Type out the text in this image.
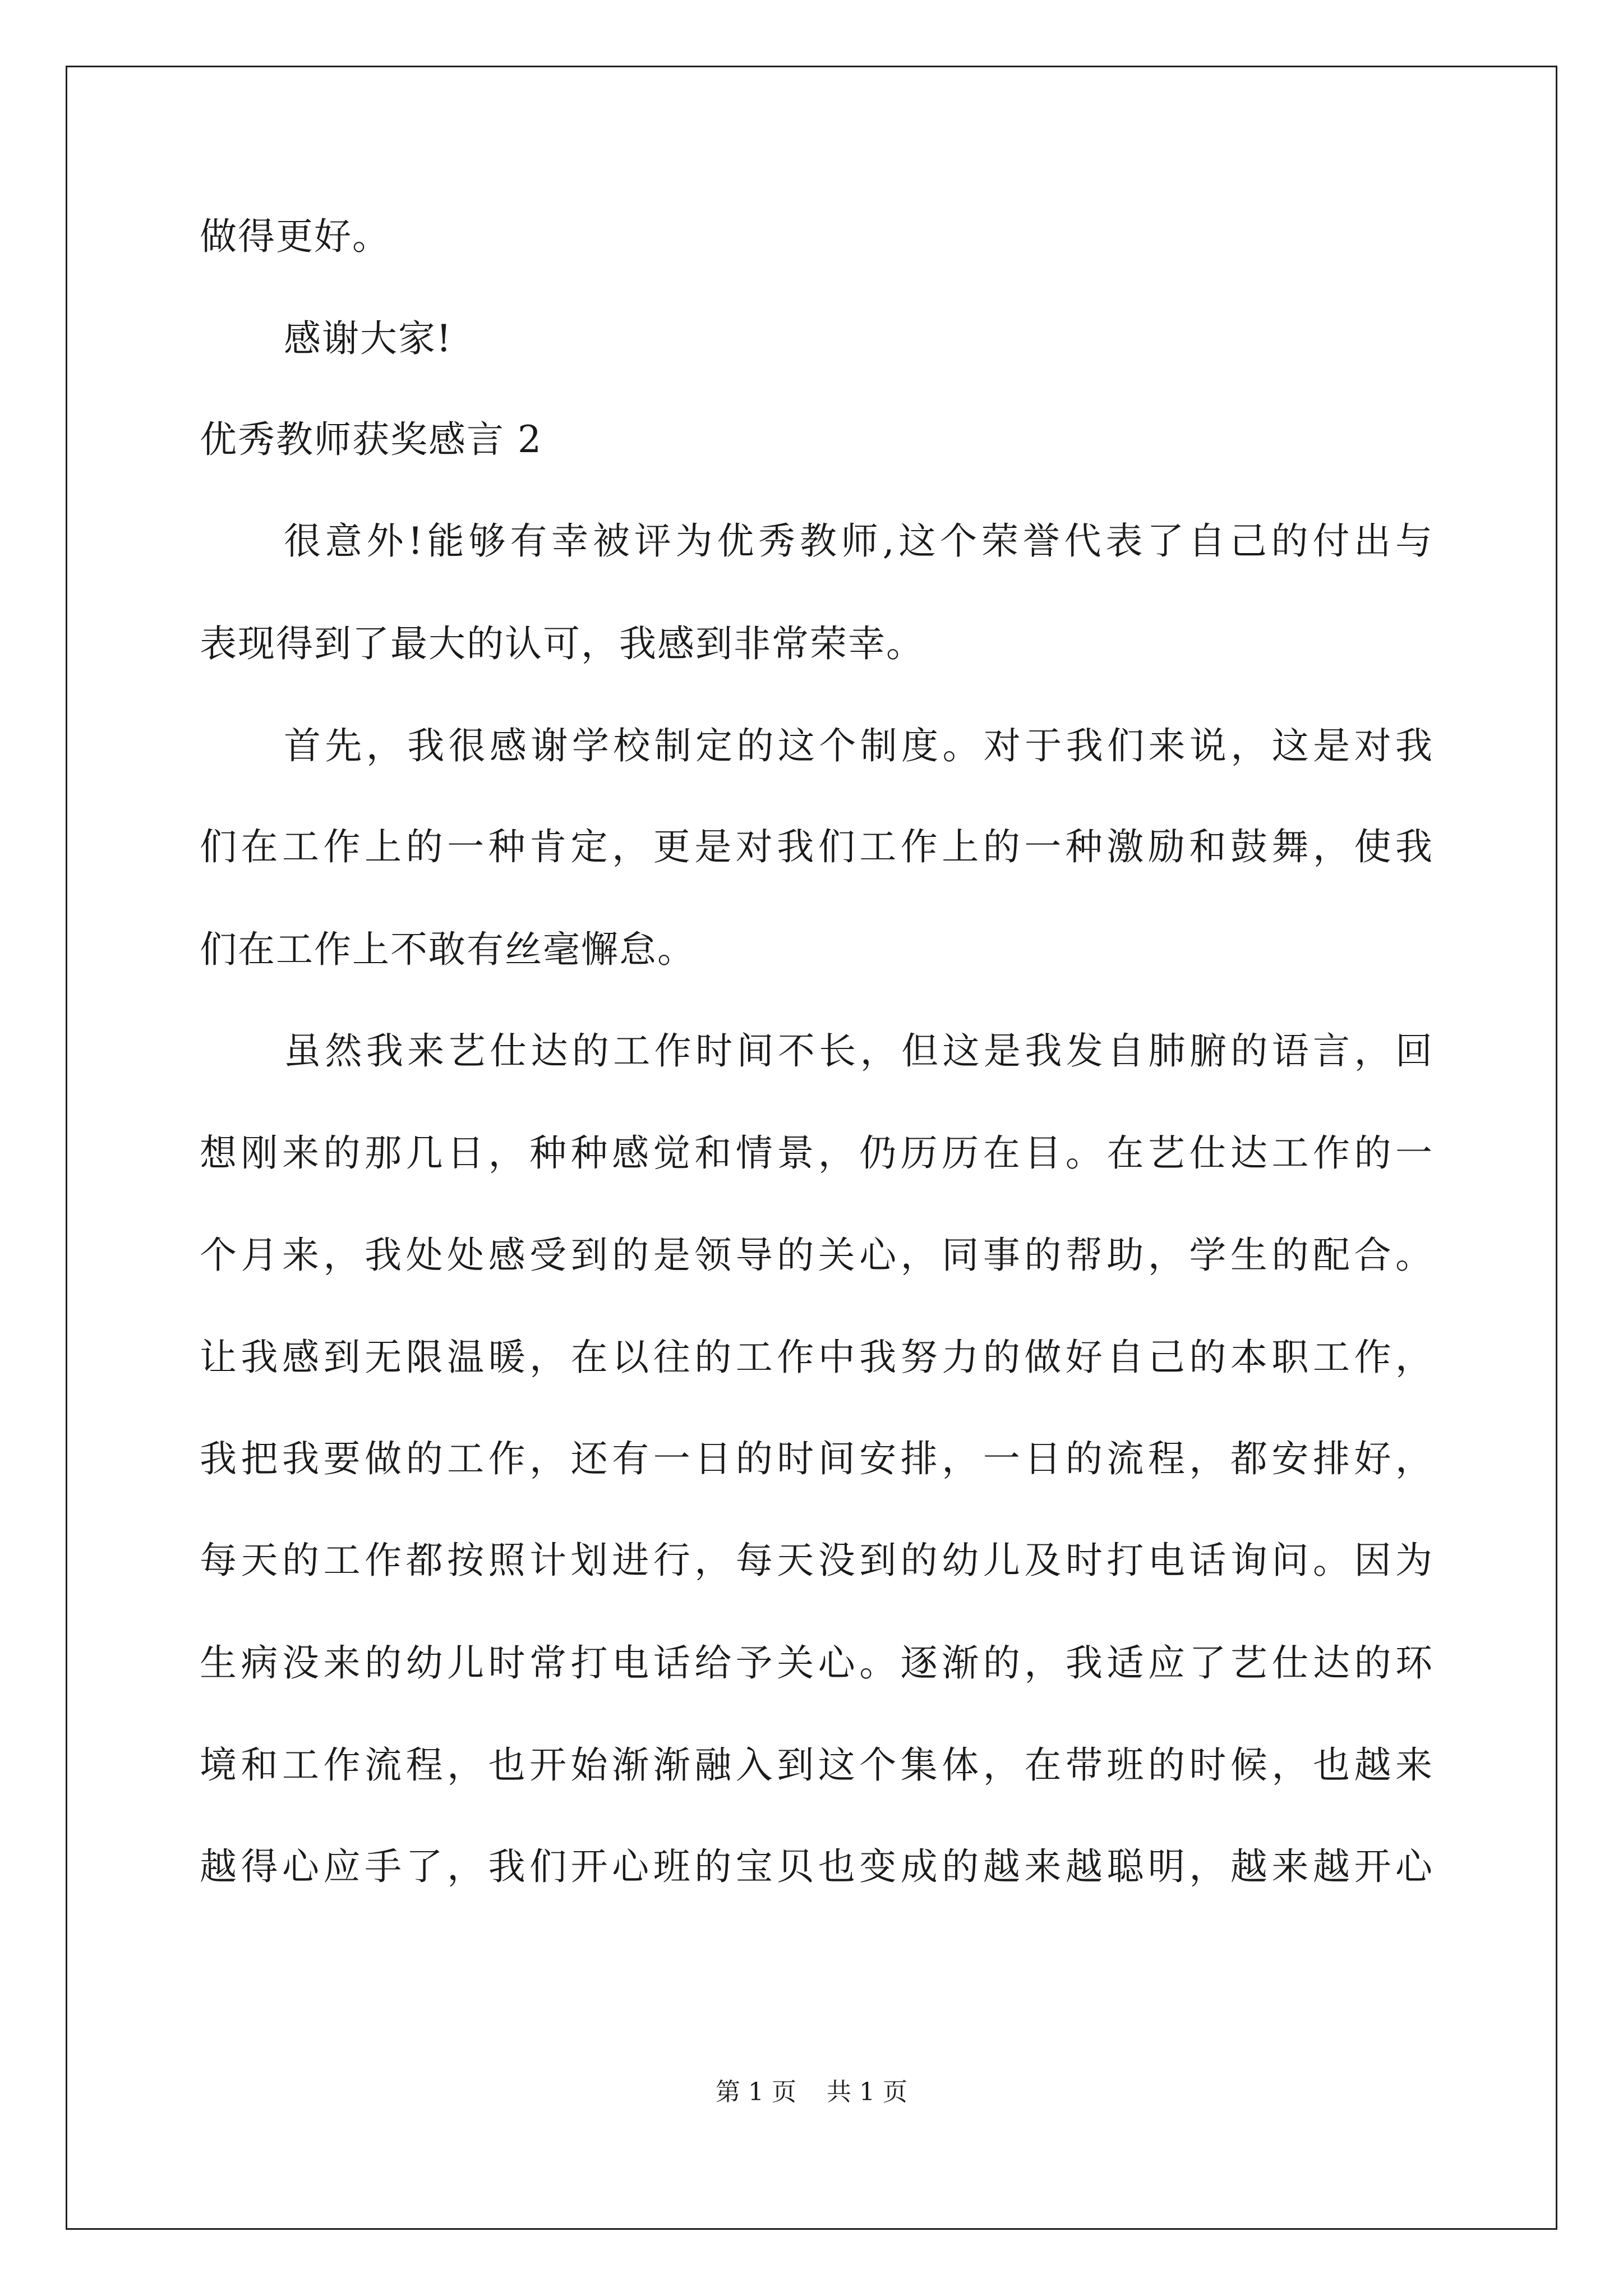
做得更好。
感谢大家!
优秀教师获奖感言 2
很意外!能够有幸被评为优秀教师,这个荣誉代表了自己的付出与
表现得到了最大的认可，我感到非常荣幸。
首先，我很感谢学校制定的这个制度。对于我们来说，这是对我
们在工作上的一种肯定，更是对我们工作上的一种激励和鼓舞，使我
们在工作上不敢有丝毫懈怠。
虽然我来艺仕达的工作时间不长，但这是我发自肺腑的语言，回
想刚来的那几日，种种感觉和情景，仍历历在目。在艺仕达工作的一
个月来，我处处感受到的是领导的关心，同事的帮助，学生的配合。
让我感到无限温暖，在以往的工作中我努力的做好自己的本职工作，
我把我要做的工作，还有一日的时间安排，一日的流程，都安排好，
每天的工作都按照计划进行，每天没到的幼儿及时打电话询问。因为
生病没来的幼儿时常打电话给予关心。逐渐的，我适应了艺仕达的环
境和工作流程，也开始渐渐融入到这个集体，在带班的时候，也越来
越得心应手了，我们开心班的宝贝也变成的越来越聪明，越来越开心
第 1 页 共 1 页
